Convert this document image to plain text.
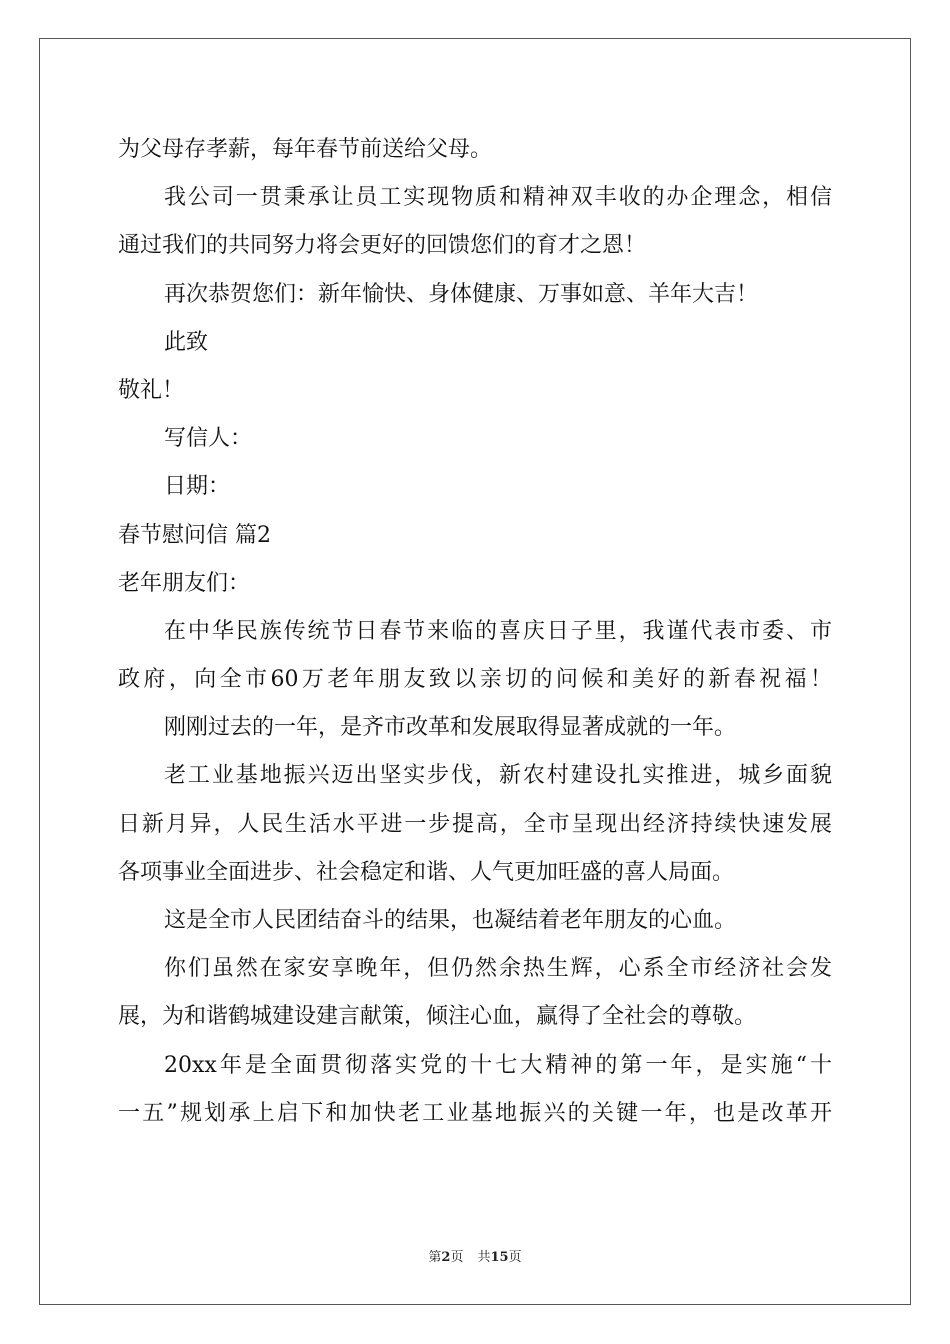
为父母存孝薪，每年春节前送给父母。
我公司一贯秉承让员工实现物质和精神双丰收的办企理念，相信
通过我们的共同努力将会更好的回馈您们的育才之恩！
再次恭贺您们：新年愉快、身体健康、万事如意、羊年大吉！
此致
敬礼！
写信人：
日期：
春节慰问信 篇2
老年朋友们：
在中华民族传统节日春节来临的喜庆日子里，我谨代表市委、市
政府，向全市60万老年朋友致以亲切的问候和美好的新春祝福！
刚刚过去的一年，是齐市改革和发展取得显著成就的一年。
老工业基地振兴迈出坚实步伐，新农村建设扎实推进，城乡面貌
日新月异，人民生活水平进一步提高，全市呈现出经济持续快速发展
各项事业全面进步、社会稳定和谐、人气更加旺盛的喜人局面。
这是全市人民团结奋斗的结果，也凝结着老年朋友的心血。
你们虽然在家安享晚年，但仍然余热生辉，心系全市经济社会发
展，为和谐鹤城建设建言献策，倾注心血，赢得了全社会的尊敬。
20xx年是全面贯彻落实党的十七大精神的第一年，是实施“十
一五”规划承上启下和加快老工业基地振兴的关键一年，也是改革开
第2页 共15页
